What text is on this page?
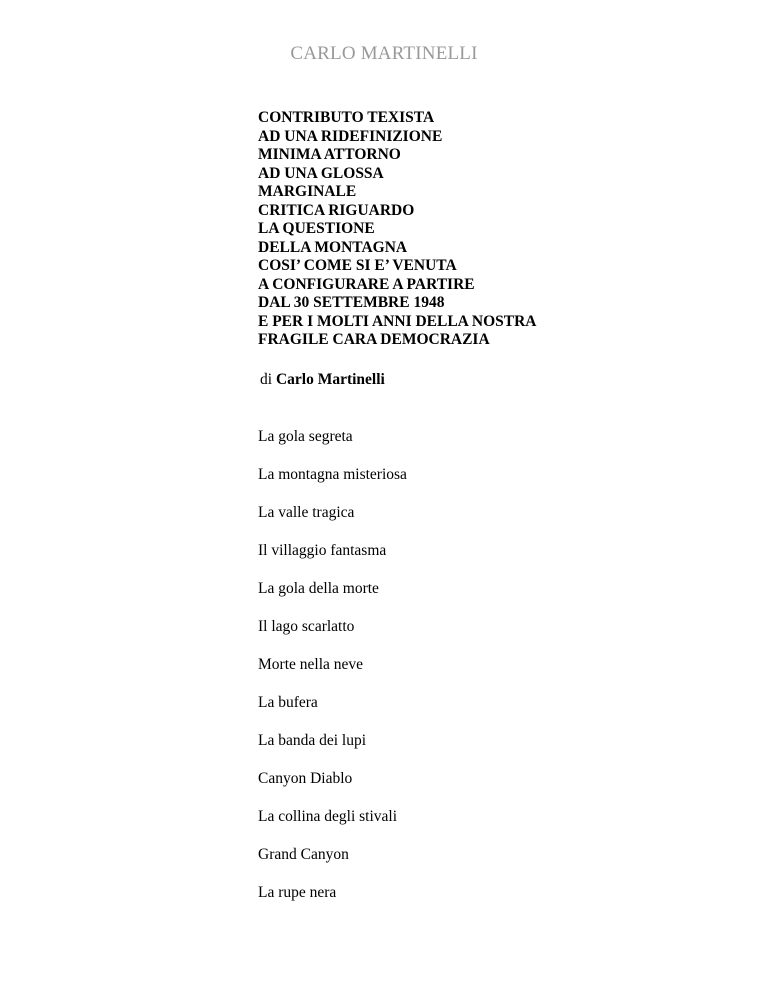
CARLO MARTINELLI
CONTRIBUTO TEXISTA
AD UNA RIDEFINIZIONE
MINIMA ATTORNO
AD UNA GLOSSA
MARGINALE
CRITICA RIGUARDO
LA QUESTIONE
DELLA MONTAGNA
COSI’ COME SI E’ VENUTA
A CONFIGURARE A PARTIRE
DAL 30 SETTEMBRE 1948
E PER I MOLTI ANNI DELLA NOSTRA
FRAGILE CARA DEMOCRAZIA
di Carlo Martinelli
La gola segreta
La montagna misteriosa
La valle tragica
Il villaggio fantasma
La gola della morte
Il lago scarlatto
Morte nella neve
La bufera
La banda dei lupi
Canyon Diablo
La collina degli stivali
Grand Canyon
La rupe nera
